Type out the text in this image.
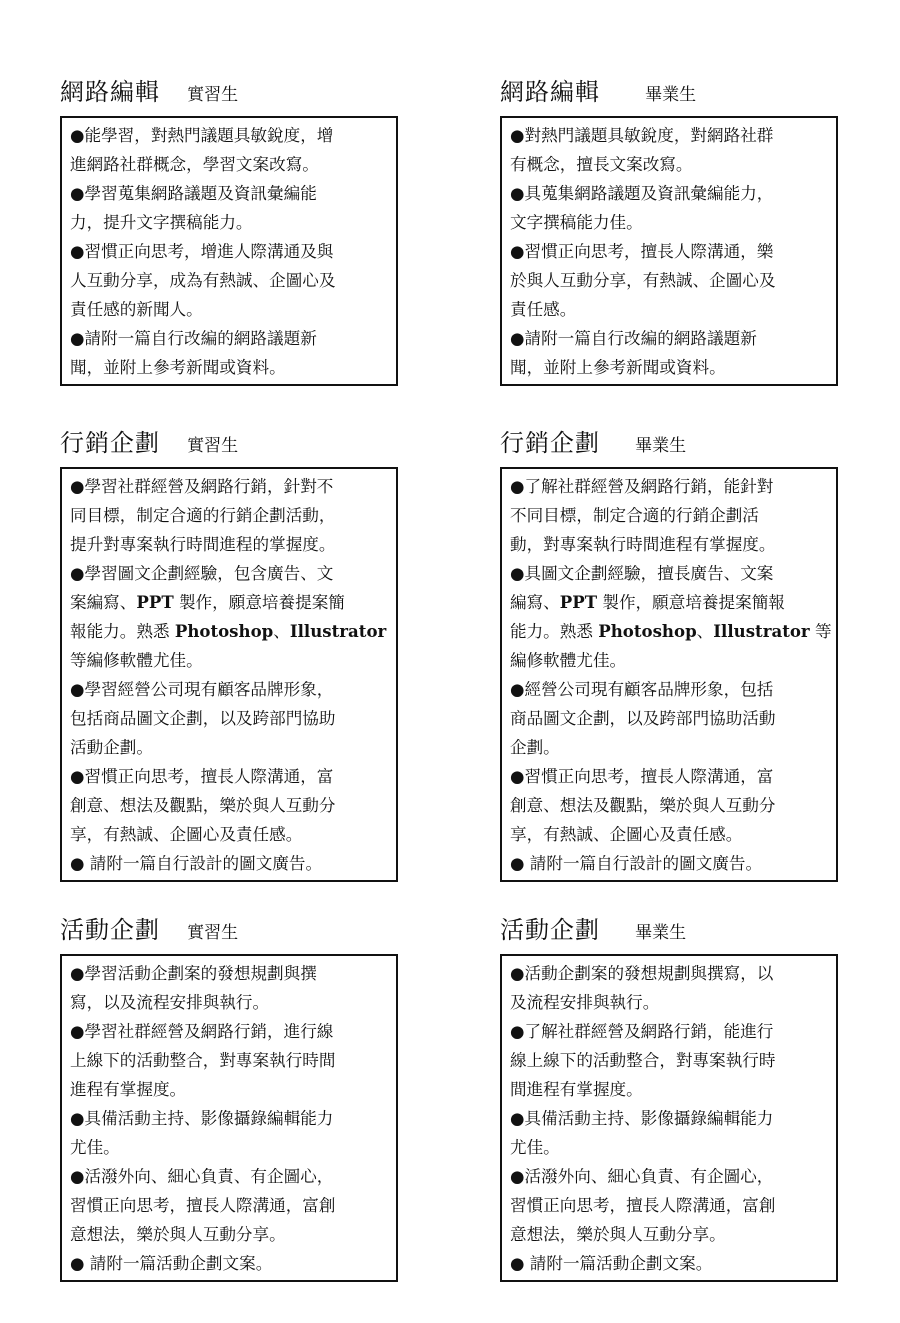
網路編輯 實習生
●能學習，對熱門議題具敏銳度，增
進網路社群概念，學習文案改寫。
●學習蒐集網路議題及資訊彙編能
力，提升文字撰稿能力。
●習慣正向思考，增進人際溝通及與
人互動分享，成為有熱誠、企圖心及
責任感的新聞人。
●請附一篇自行改編的網路議題新
聞，並附上參考新聞或資料。
網路編輯	畢業生
●對熱門議題具敏銳度，對網路社群
有概念，擅長文案改寫。
●具蒐集網路議題及資訊彙編能力，
文字撰稿能力佳。
●習慣正向思考，擅長人際溝通，樂
於與人互動分享，有熱誠、企圖心及
責任感。
●請附一篇自行改編的網路議題新
聞，並附上參考新聞或資料。
行銷企劃 實習生
●學習社群經營及網路行銷，針對不
同目標，制定合適的行銷企劃活動，
提升對專案執行時間進程的掌握度。
●學習圖文企劃經驗，包含廣告、文
案編寫、PPT 製作，願意培養提案簡
報能力。熟悉 Photoshop、Illustrator
等編修軟體尤佳。
●學習經營公司現有顧客品牌形象，
包括商品圖文企劃，以及跨部門協助
活動企劃。
●習慣正向思考，擅長人際溝通，富
創意、想法及觀點，樂於與人互動分
享，有熱誠、企圖心及責任感。
● 請附一篇自行設計的圖文廣告。
行銷企劃 畢業生
●了解社群經營及網路行銷，能針對
不同目標，制定合適的行銷企劃活
動，對專案執行時間進程有掌握度。
●具圖文企劃經驗，擅長廣告、文案
編寫、PPT 製作，願意培養提案簡報
能力。熟悉 Photoshop、Illustrator 等
編修軟體尤佳。
●經營公司現有顧客品牌形象，包括
商品圖文企劃，以及跨部門協助活動
企劃。
●習慣正向思考，擅長人際溝通，富
創意、想法及觀點，樂於與人互動分
享，有熱誠、企圖心及責任感。
● 請附一篇自行設計的圖文廣告。
活動企劃 實習生
●學習活動企劃案的發想規劃與撰
寫，以及流程安排與執行。
●學習社群經營及網路行銷，進行線
上線下的活動整合，對專案執行時間
進程有掌握度。
●具備活動主持、影像攝錄編輯能力
尤佳。
●活潑外向、細心負責、有企圖心，
習慣正向思考，擅長人際溝通，富創
意想法，樂於與人互動分享。
● 請附一篇活動企劃文案。
活動企劃 畢業生
●活動企劃案的發想規劃與撰寫，以
及流程安排與執行。
●了解社群經營及網路行銷，能進行
線上線下的活動整合，對專案執行時
間進程有掌握度。
●具備活動主持、影像攝錄編輯能力
尤佳。
●活潑外向、細心負責、有企圖心，
習慣正向思考，擅長人際溝通，富創
意想法，樂於與人互動分享。
● 請附一篇活動企劃文案。
